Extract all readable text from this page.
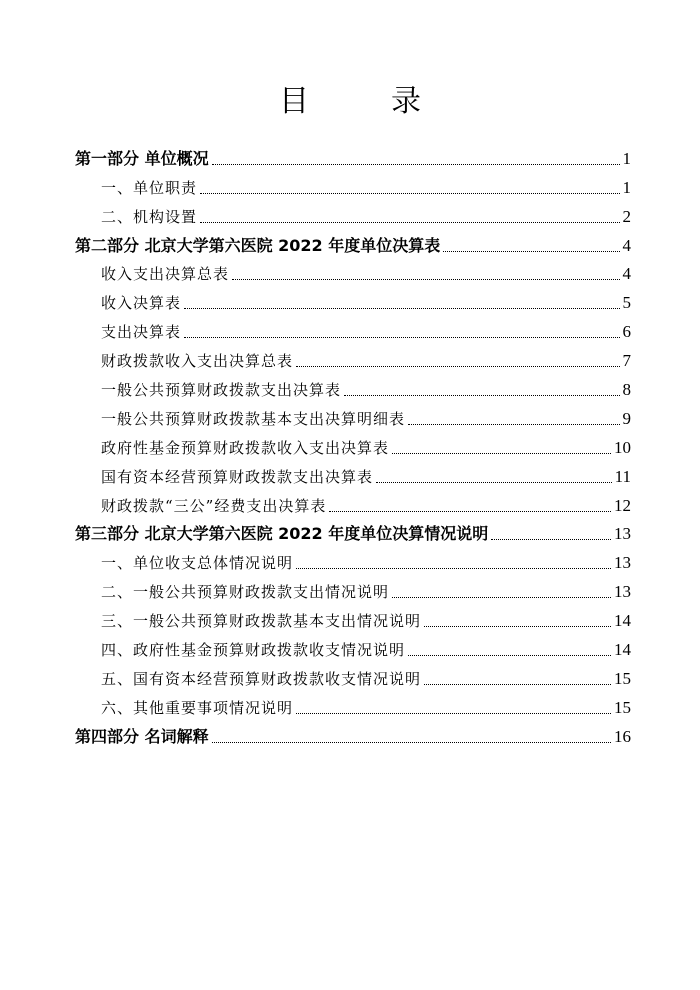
目　录
第一部分 单位概况	1
一、单位职责	1
二、机构设置	2
第二部分 北京大学第六医院 2022 年度单位决算表	4
收入支出决算总表	4
收入决算表	5
支出决算表	6
财政拨款收入支出决算总表	7
一般公共预算财政拨款支出决算表	8
一般公共预算财政拨款基本支出决算明细表	9
政府性基金预算财政拨款收入支出决算表	10
国有资本经营预算财政拨款支出决算表	11
财政拨款“三公”经费支出决算表	12
第三部分 北京大学第六医院 2022 年度单位决算情况说明	13
一、单位收支总体情况说明	13
二、一般公共预算财政拨款支出情况说明	13
三、一般公共预算财政拨款基本支出情况说明	14
四、政府性基金预算财政拨款收支情况说明	14
五、国有资本经营预算财政拨款收支情况说明	15
六、其他重要事项情况说明	15
第四部分 名词解释	16
